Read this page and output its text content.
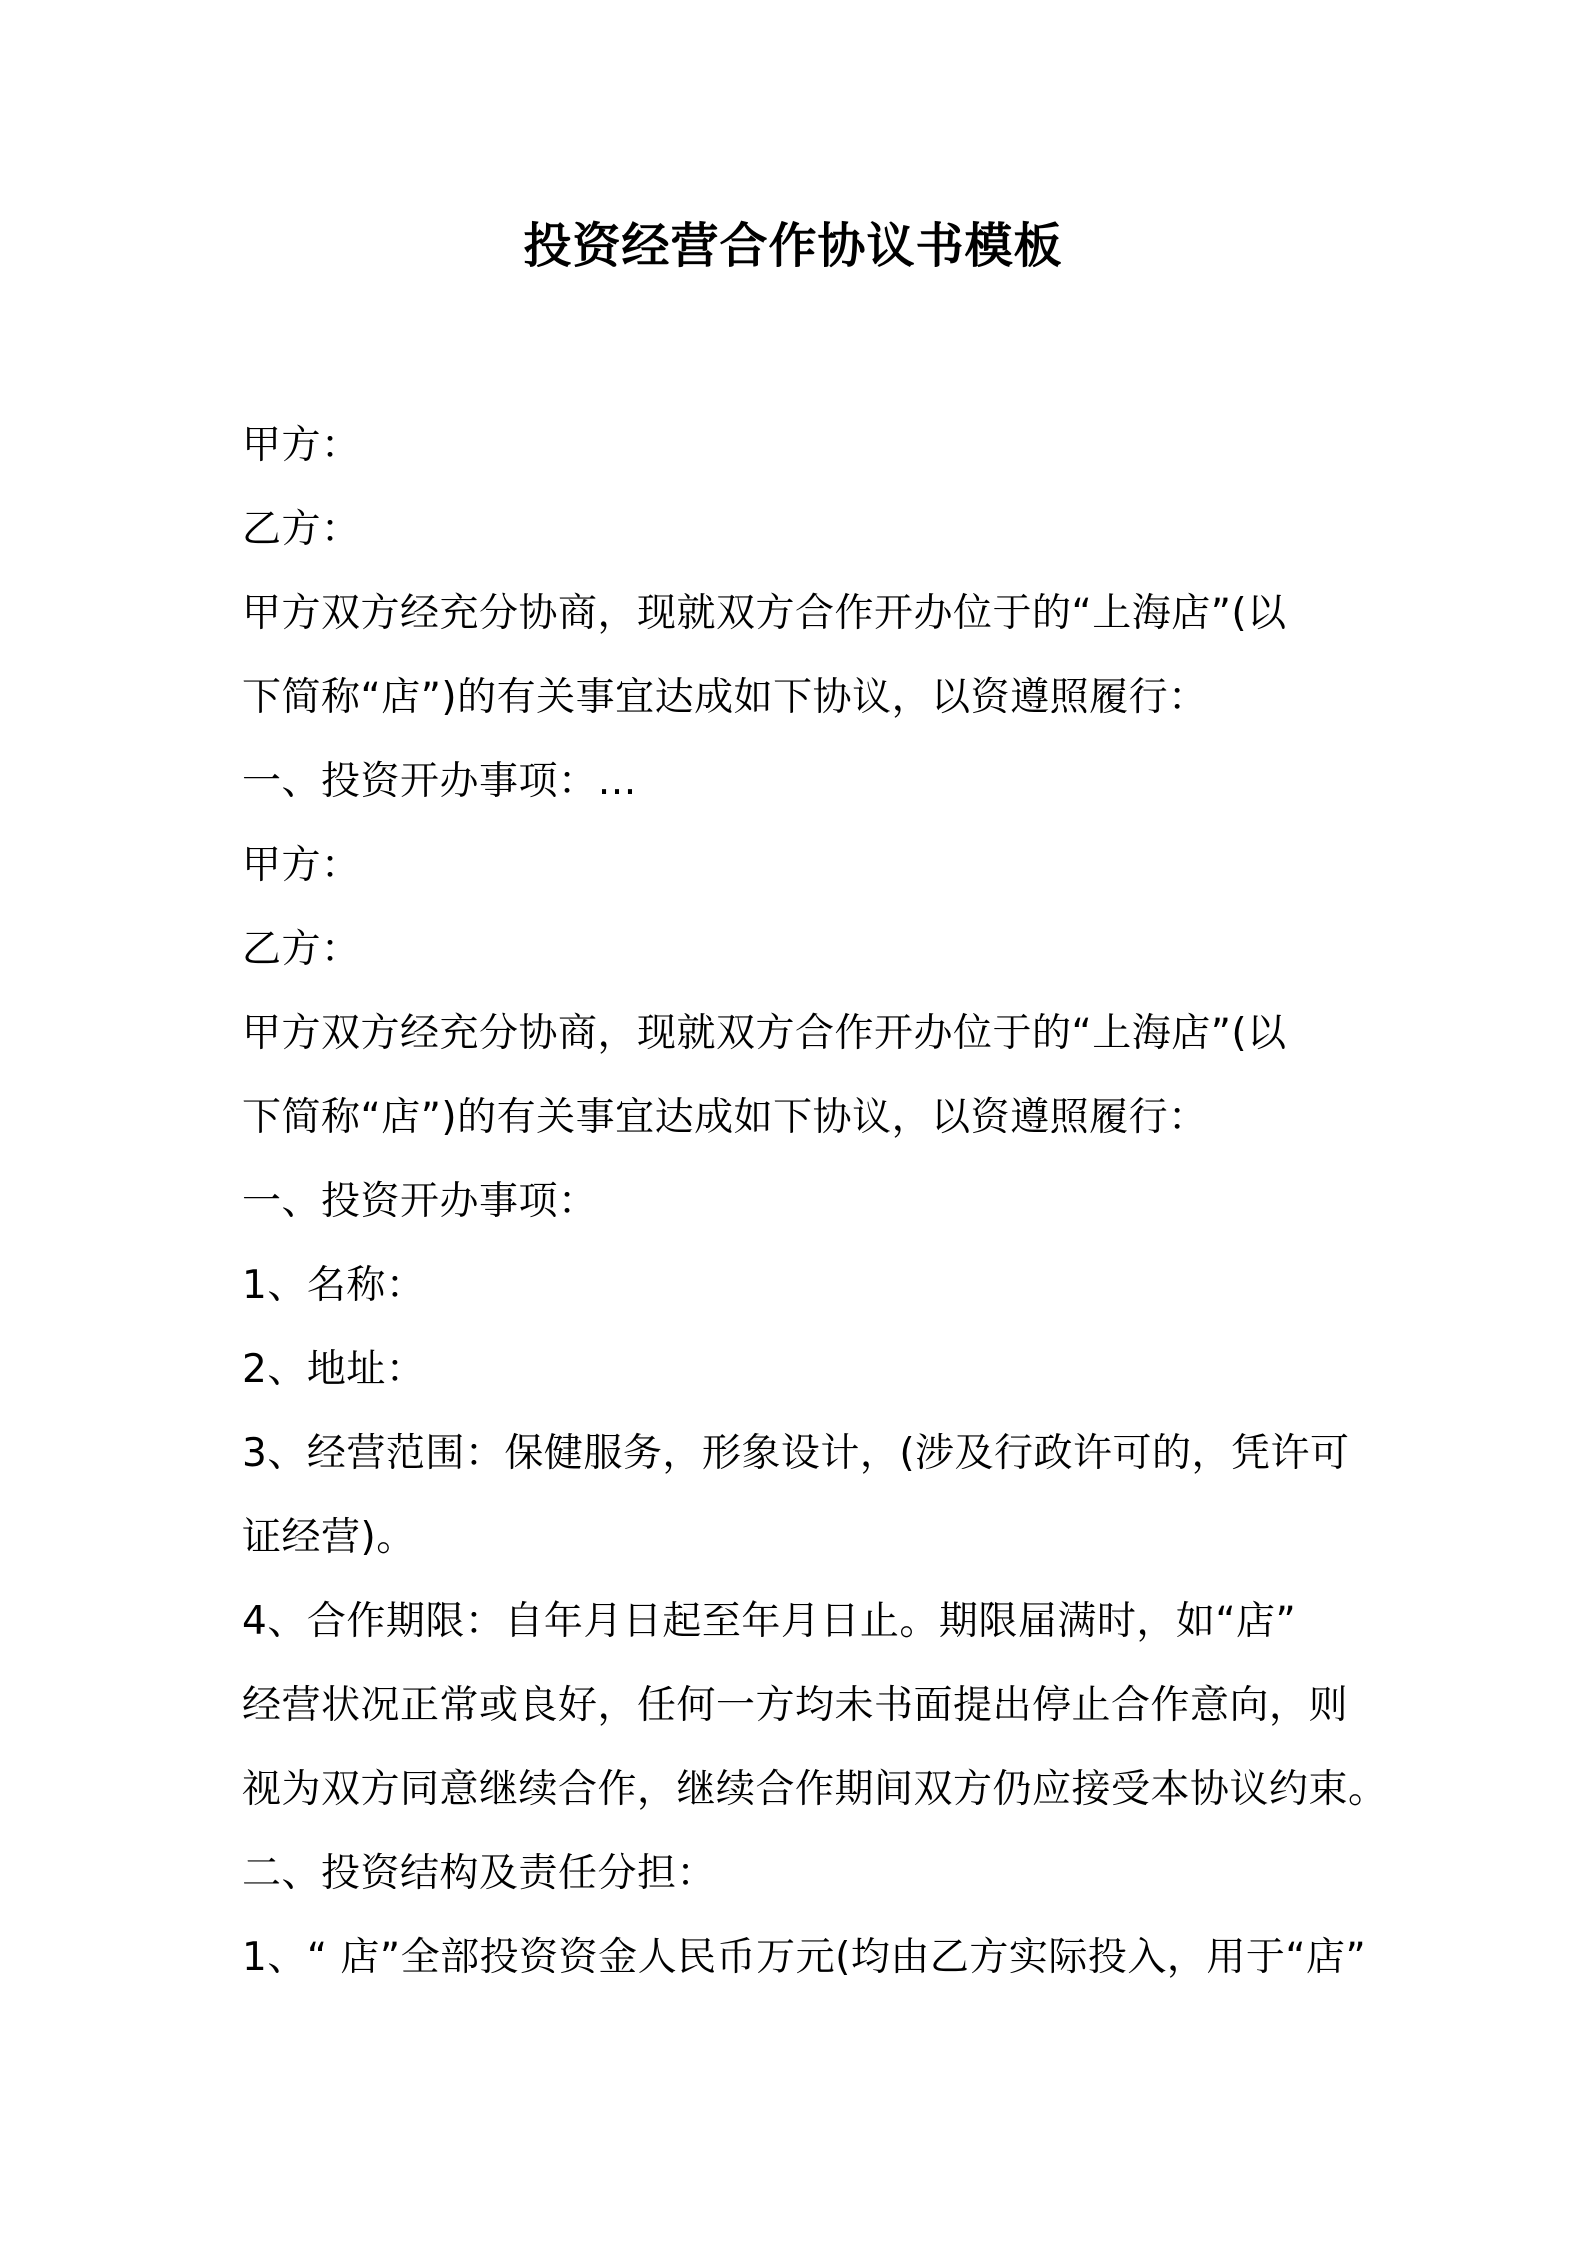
投资经营合作协议书模板
甲方：
乙方：
甲方双方经充分协商，现就双方合作开办位于的“上海店”(以
下简称“店”)的有关事宜达成如下协议，以资遵照履行：
一、投资开办事项：…
甲方：
乙方：
甲方双方经充分协商，现就双方合作开办位于的“上海店”(以
下简称“店”)的有关事宜达成如下协议，以资遵照履行：
一、投资开办事项：
1、名称：
2、地址：
3、经营范围：保健服务，形象设计，(涉及行政许可的，凭许可
证经营)。
4、合作期限：自年月日起至年月日止。期限届满时，如“店”
经营状况正常或良好，任何一方均未书面提出停止合作意向，则
视为双方同意继续合作，继续合作期间双方仍应接受本协议约束。
二、投资结构及责任分担：
1、“ 店”全部投资资金人民币万元(均由乙方实际投入，用于“店”
